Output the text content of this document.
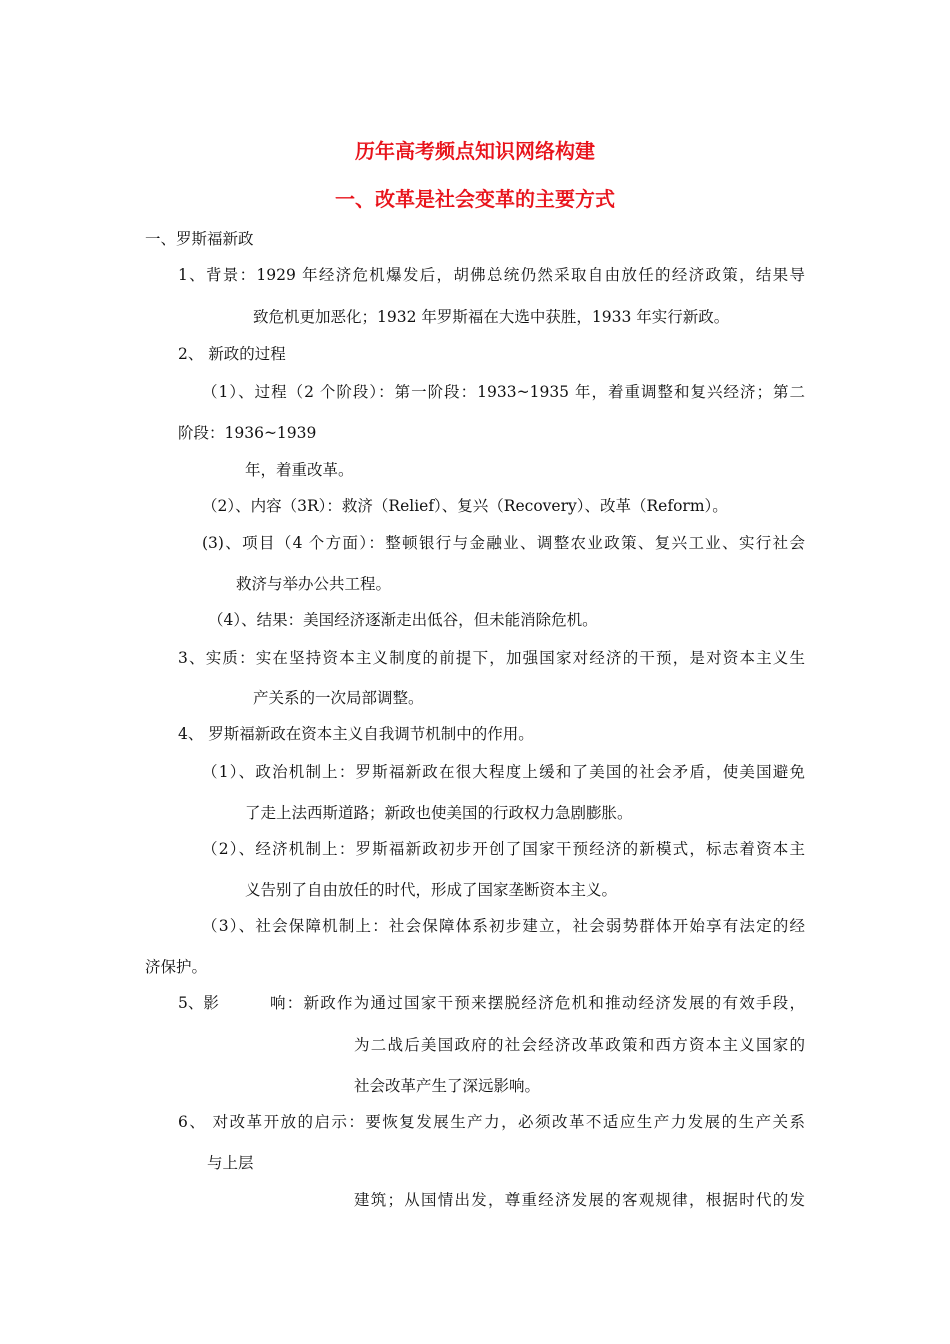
历年高考频点知识网络构建
一、改革是社会变革的主要方式
一、罗斯福新政
1、背景：1929 年经济危机爆发后，胡佛总统仍然采取自由放任的经济政策，结果导
致危机更加恶化；1932 年罗斯福在大选中获胜，1933 年实行新政。
2、 新政的过程
（1）、过程（2 个阶段）：第一阶段：1933~1935 年，着重调整和复兴经济；第二
阶段：1936~1939
年，着重改革。
（2）、内容（3R）：救济（Relief）、复兴（Recovery）、改革（Reform）。
(3)、项目（4 个方面）：整顿银行与金融业、调整农业政策、复兴工业、实行社会
救济与举办公共工程。
（4）、结果：美国经济逐渐走出低谷，但未能消除危机。
3、实质：实在坚持资本主义制度的前提下，加强国家对经济的干预，是对资本主义生
产关系的一次局部调整。
4、 罗斯福新政在资本主义自我调节机制中的作用。
（1）、政治机制上：罗斯福新政在很大程度上缓和了美国的社会矛盾，使美国避免
了走上法西斯道路；新政也使美国的行政权力急剧膨胀。
（2）、经济机制上：罗斯福新政初步开创了国家干预经济的新模式，标志着资本主
义告别了自由放任的时代，形成了国家垄断资本主义。
（3）、社会保障机制上：社会保障体系初步建立，社会弱势群体开始享有法定的经
济保护。
5、影	响：新政作为通过国家干预来摆脱经济危机和推动经济发展的有效手段，
为二战后美国政府的社会经济改革政策和西方资本主义国家的
社会改革产生了深远影响。
6、 对改革开放的启示：要恢复发展生产力，必须改革不适应生产力发展的生产关系
与上层
建筑；从国情出发，尊重经济发展的客观规律，根据时代的发
